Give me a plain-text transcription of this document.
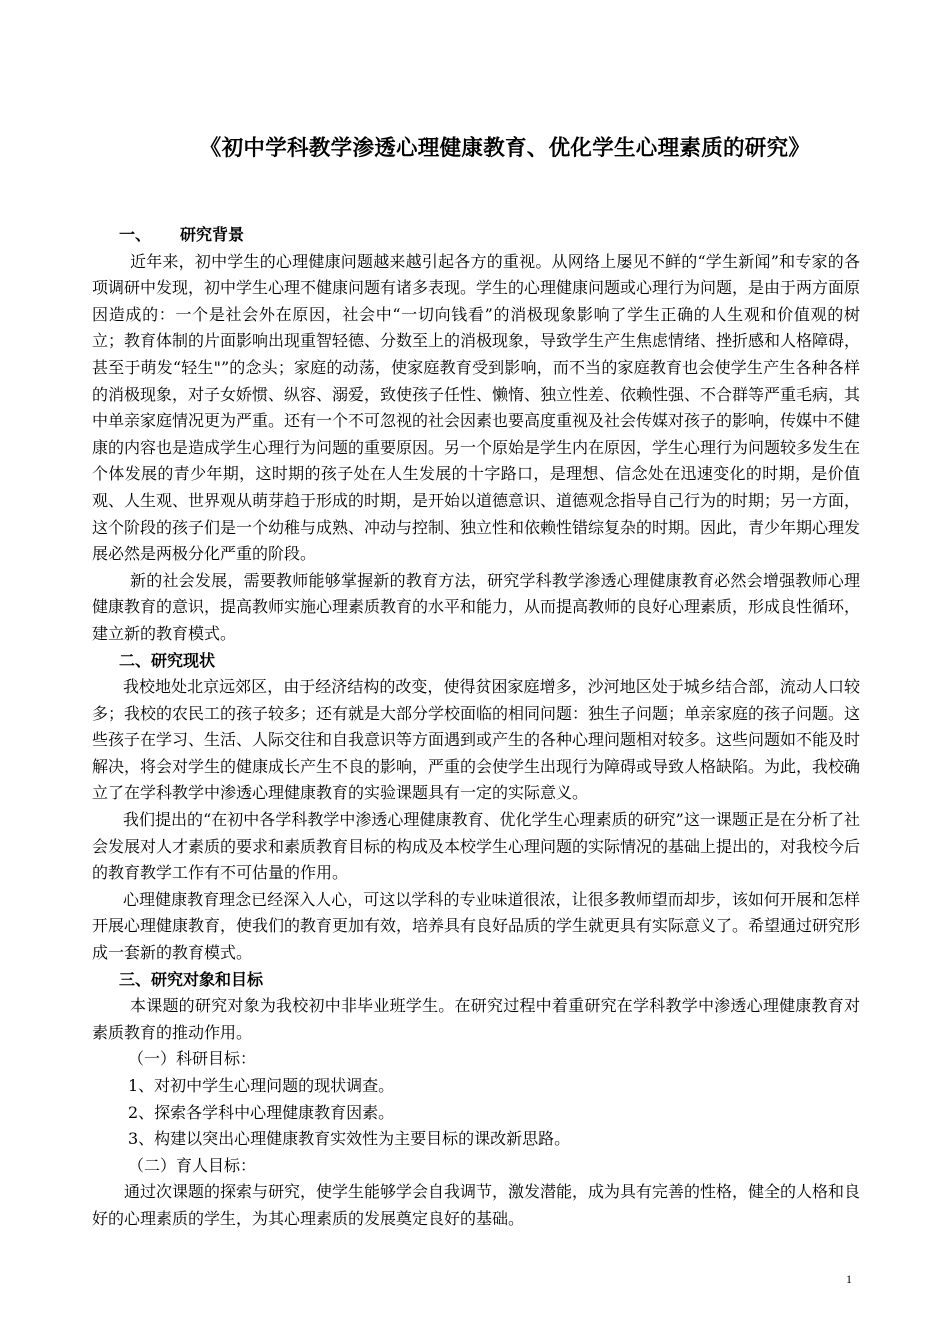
《初中学科教学渗透心理健康教育、优化学生心理素质的研究》

一、 研究背景

近年来，初中学生的心理健康问题越来越引起各方的重视。从网络上屡见不鲜的“学生新闻”和专家的各项调研中发现，初中学生心理不健康问题有诸多表现。学生的心理健康问题或心理行为问题，是由于两方面原因造成的：一个是社会外在原因，社会中“一切向钱看”的消极现象影响了学生正确的人生观和价值观的树立；教育体制的片面影响出现重智轻德、分数至上的消极现象，导致学生产生焦虑情绪、挫折感和人格障碍，甚至于萌发“轻生"”的念头；家庭的动荡，使家庭教育受到影响，而不当的家庭教育也会使学生产生各种各样的消极现象，对子女娇惯、纵容、溺爱，致使孩子任性、懒惰、独立性差、依赖性强、不合群等严重毛病，其中单亲家庭情况更为严重。还有一个不可忽视的社会因素也要高度重视及社会传媒对孩子的影响，传媒中不健康的内容也是造成学生心理行为问题的重要原因。另一个原始是学生内在原因，学生心理行为问题较多发生在个体发展的青少年期，这时期的孩子处在人生发展的十字路口，是理想、信念处在迅速变化的时期，是价值观、人生观、世界观从萌芽趋于形成的时期，是开始以道德意识、道德观念指导自己行为的时期；另一方面，这个阶段的孩子们是一个幼稚与成熟、冲动与控制、独立性和依赖性错综复杂的时期。因此，青少年期心理发展必然是两极分化严重的阶段。

新的社会发展，需要教师能够掌握新的教育方法，研究学科教学渗透心理健康教育必然会增强教师心理健康教育的意识，提高教师实施心理素质教育的水平和能力，从而提高教师的良好心理素质，形成良性循环，建立新的教育模式。

二、研究现状

我校地处北京远郊区，由于经济结构的改变，使得贫困家庭增多，沙河地区处于城乡结合部，流动人口较多；我校的农民工的孩子较多；还有就是大部分学校面临的相同问题：独生子问题；单亲家庭的孩子问题。这些孩子在学习、生活、人际交往和自我意识等方面遇到或产生的各种心理问题相对较多。这些问题如不能及时解决，将会对学生的健康成长产生不良的影响，严重的会使学生出现行为障碍或导致人格缺陷。为此，我校确立了在学科教学中渗透心理健康教育的实验课题具有一定的实际意义。

我们提出的“在初中各学科教学中渗透心理健康教育、优化学生心理素质的研究”这一课题正是在分析了社会发展对人才素质的要求和素质教育目标的构成及本校学生心理问题的实际情况的基础上提出的，对我校今后的教育教学工作有不可估量的作用。

心理健康教育理念已经深入人心，可这以学科的专业味道很浓，让很多教师望而却步，该如何开展和怎样开展心理健康教育，使我们的教育更加有效，培养具有良好品质的学生就更具有实际意义了。希望通过研究形成一套新的教育模式。

三、研究对象和目标

本课题的研究对象为我校初中非毕业班学生。在研究过程中着重研究在学科教学中渗透心理健康教育对素质教育的推动作用。

（一）科研目标：

1、对初中学生心理问题的现状调查。

2、探索各学科中心理健康教育因素。

3、构建以突出心理健康教育实效性为主要目标的课改新思路。

（二）育人目标：

通过次课题的探索与研究，使学生能够学会自我调节，激发潜能，成为具有完善的性格，健全的人格和良好的心理素质的学生，为其心理素质的发展奠定良好的基础。

1
